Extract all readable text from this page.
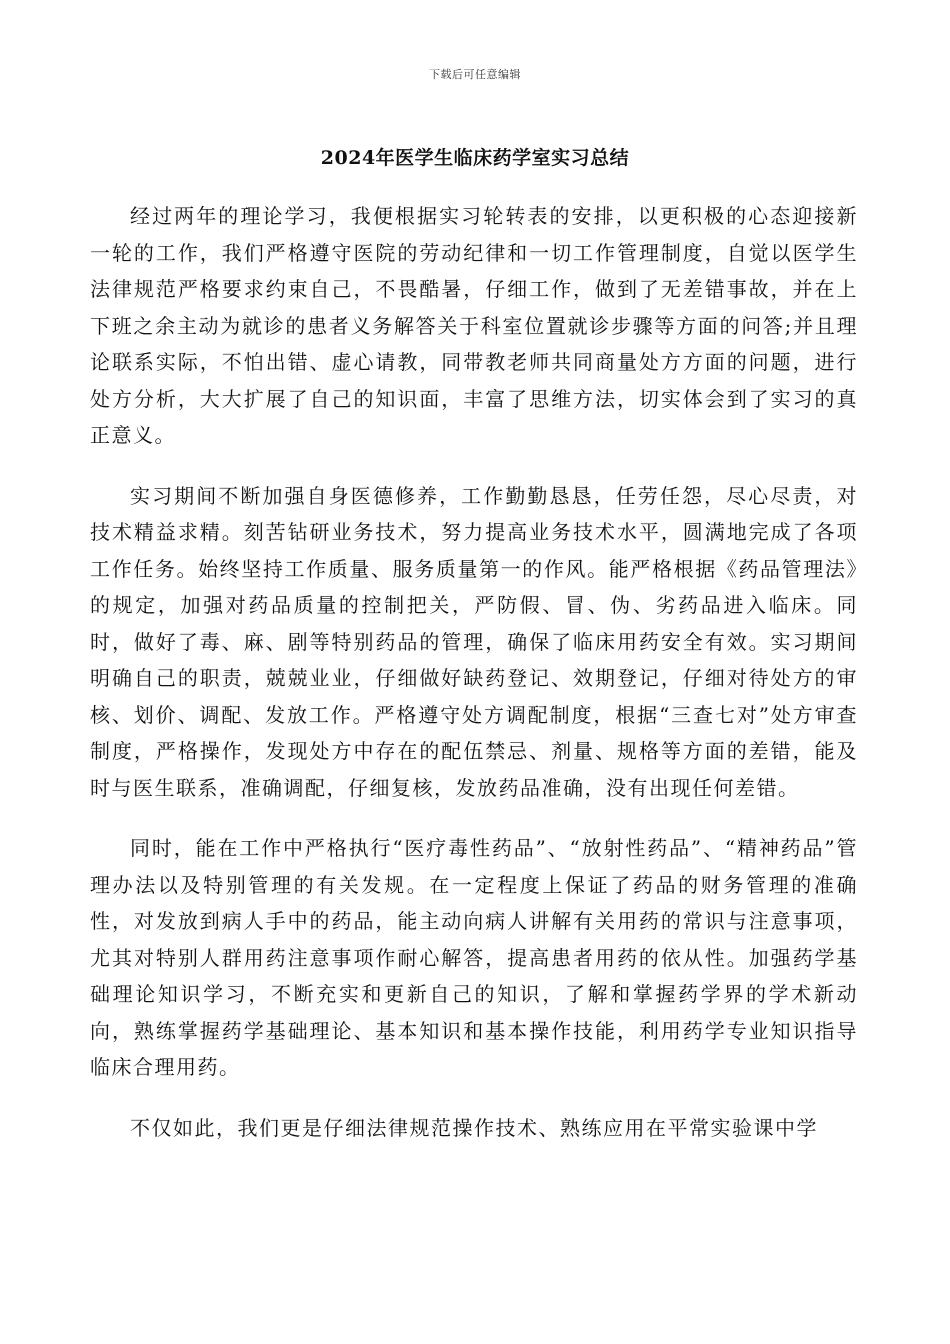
下载后可任意编辑
2024年医学生临床药学室实习总结

经过两年的理论学习，我便根据实习轮转表的安排，以更积极的心态迎接新一轮的工作，我们严格遵守医院的劳动纪律和一切工作管理制度，自觉以医学生法律规范严格要求约束自己，不畏酷暑，仔细工作，做到了无差错事故，并在上下班之余主动为就诊的患者义务解答关于科室位置就诊步骤等方面的问答;并且理论联系实际，不怕出错、虚心请教，同带教老师共同商量处方方面的问题，进行处方分析，大大扩展了自己的知识面，丰富了思维方法，切实体会到了实习的真正意义。

实习期间不断加强自身医德修养，工作勤勤恳恳，任劳任怨，尽心尽责，对技术精益求精。刻苦钻研业务技术，努力提高业务技术水平，圆满地完成了各项工作任务。始终坚持工作质量、服务质量第一的作风。能严格根据《药品管理法》的规定，加强对药品质量的控制把关，严防假、冒、伪、劣药品进入临床。同时，做好了毒、麻、剧等特别药品的管理，确保了临床用药安全有效。实习期间明确自己的职责，兢兢业业，仔细做好缺药登记、效期登记，仔细对待处方的审核、划价、调配、发放工作。严格遵守处方调配制度，根据“三查七对”处方审查制度，严格操作，发现处方中存在的配伍禁忌、剂量、规格等方面的差错，能及时与医生联系，准确调配，仔细复核，发放药品准确，没有出现任何差错。

同时，能在工作中严格执行“医疗毒性药品”、“放射性药品”、“精神药品”管理办法以及特别管理的有关发规。在一定程度上保证了药品的财务管理的准确性，对发放到病人手中的药品，能主动向病人讲解有关用药的常识与注意事项，尤其对特别人群用药注意事项作耐心解答，提高患者用药的依从性。加强药学基础理论知识学习，不断充实和更新自己的知识，了解和掌握药学界的学术新动向，熟练掌握药学基础理论、基本知识和基本操作技能，利用药学专业知识指导临床合理用药。

不仅如此，我们更是仔细法律规范操作技术、熟练应用在平常实验课中学
